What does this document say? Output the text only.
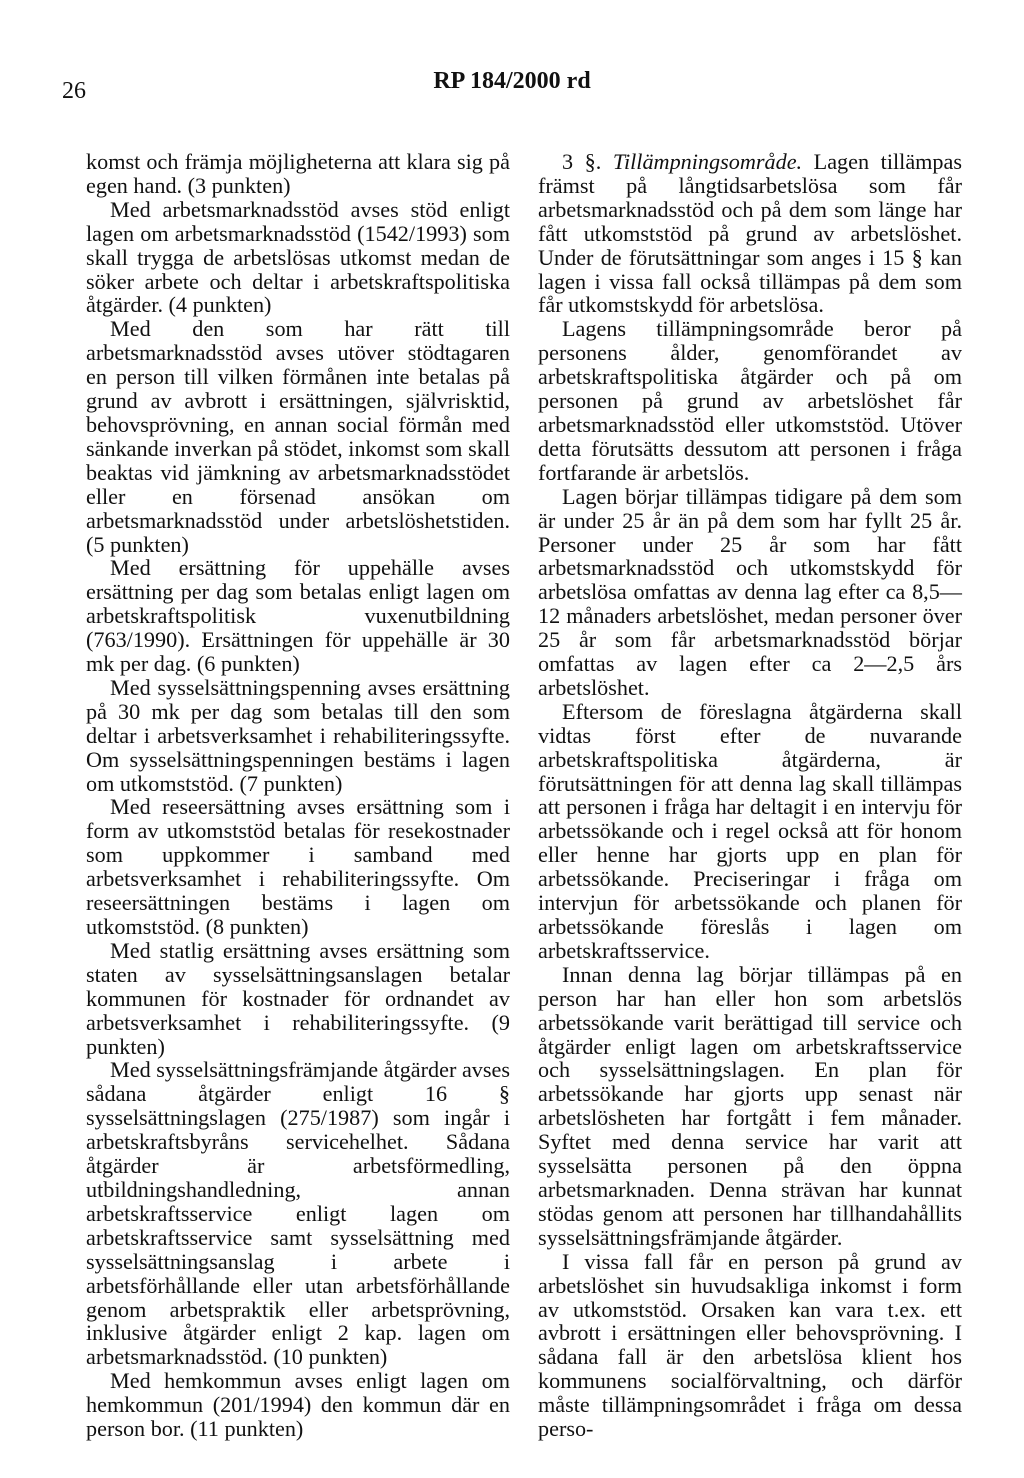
26	RP 184/2000 rd

komst och främja möjligheterna att klara sig på egen hand. (3 punkten)

Med arbetsmarknadsstöd avses stöd enligt lagen om arbetsmarknadsstöd (1542/1993) som skall trygga de arbetslösas utkomst medan de söker arbete och deltar i arbetskraftspolitiska åtgärder. (4 punkten)

Med den som har rätt till arbetsmarknadsstöd avses utöver stödtagaren en person till vilken förmånen inte betalas på grund av avbrott i ersättningen, självrisktid, behovsprövning, en annan social förmån med sänkande inverkan på stödet, inkomst som skall beaktas vid jämkning av arbetsmarknadsstödet eller en försenad ansökan om arbetsmarknadsstöd under arbetslöshetstiden. (5 punkten)

Med ersättning för uppehälle avses ersättning per dag som betalas enligt lagen om arbetskraftspolitisk vuxenutbildning (763/1990). Ersättningen för uppehälle är 30 mk per dag. (6 punkten)

Med sysselsättningspenning avses ersättning på 30 mk per dag som betalas till den som deltar i arbetsverksamhet i rehabiliteringssyfte. Om sysselsättningspenningen bestäms i lagen om utkomststöd. (7 punkten)

Med reseersättning avses ersättning som i form av utkomststöd betalas för resekostnader som uppkommer i samband med arbetsverksamhet i rehabiliteringssyfte. Om reseersättningen bestäms i lagen om utkomststöd. (8 punkten)

Med statlig ersättning avses ersättning som staten av sysselsättningsanslagen betalar kommunen för kostnader för ordnandet av arbetsverksamhet i rehabiliteringssyfte. (9 punkten)

Med sysselsättningsfrämjande åtgärder avses sådana åtgärder enligt 16 § sysselsättningslagen (275/1987) som ingår i arbetskraftsbyråns servicehelhet. Sådana åtgärder är arbetsförmedling, utbildningshandledning, annan arbetskraftsservice enligt lagen om arbetskraftsservice samt sysselsättning med sysselsättningsanslag i arbete i arbetsförhållande eller utan arbetsförhållande genom arbetspraktik eller arbetsprövning, inklusive åtgärder enligt 2 kap. lagen om arbetsmarknadsstöd. (10 punkten)

Med hemkommun avses enligt lagen om hemkommun (201/1994) den kommun där en person bor. (11 punkten)

3 §. Tillämpningsområde. Lagen tillämpas främst på långtidsarbetslösa som får arbetsmarknadsstöd och på dem som länge har fått utkomststöd på grund av arbetslöshet. Under de förutsättningar som anges i 15 § kan lagen i vissa fall också tillämpas på dem som får utkomstskydd för arbetslösa.

Lagens tillämpningsområde beror på personens ålder, genomförandet av arbetskraftspolitiska åtgärder och på om personen på grund av arbetslöshet får arbetsmarknadsstöd eller utkomststöd. Utöver detta förutsätts dessutom att personen i fråga fortfarande är arbetslös.

Lagen börjar tillämpas tidigare på dem som är under 25 år än på dem som har fyllt 25 år. Personer under 25 år som har fått arbetsmarknadsstöd och utkomstskydd för arbetslösa omfattas av denna lag efter ca 8,5—12 månaders arbetslöshet, medan personer över 25 år som får arbetsmarknadsstöd börjar omfattas av lagen efter ca 2—2,5 års arbetslöshet.

Eftersom de föreslagna åtgärderna skall vidtas först efter de nuvarande arbetskraftspolitiska åtgärderna, är förutsättningen för att denna lag skall tillämpas att personen i fråga har deltagit i en intervju för arbetssökande och i regel också att för honom eller henne har gjorts upp en plan för arbetssökande. Preciseringar i fråga om intervjun för arbetssökande och planen för arbetssökande föreslås i lagen om arbetskraftsservice.

Innan denna lag börjar tillämpas på en person har han eller hon som arbetslös arbetssökande varit berättigad till service och åtgärder enligt lagen om arbetskraftsservice och sysselsättningslagen. En plan för arbetssökande har gjorts upp senast när arbetslösheten har fortgått i fem månader. Syftet med denna service har varit att sysselsätta personen på den öppna arbetsmarknaden. Denna strävan har kunnat stödas genom att personen har tillhandahållits sysselsättningsfrämjande åtgärder.

I vissa fall får en person på grund av arbetslöshet sin huvudsakliga inkomst i form av utkomststöd. Orsaken kan vara t.ex. ett avbrott i ersättningen eller behovsprövning. I sådana fall är den arbetslösa klient hos kommunens socialförvaltning, och därför måste tillämpningsområdet i fråga om dessa perso-
